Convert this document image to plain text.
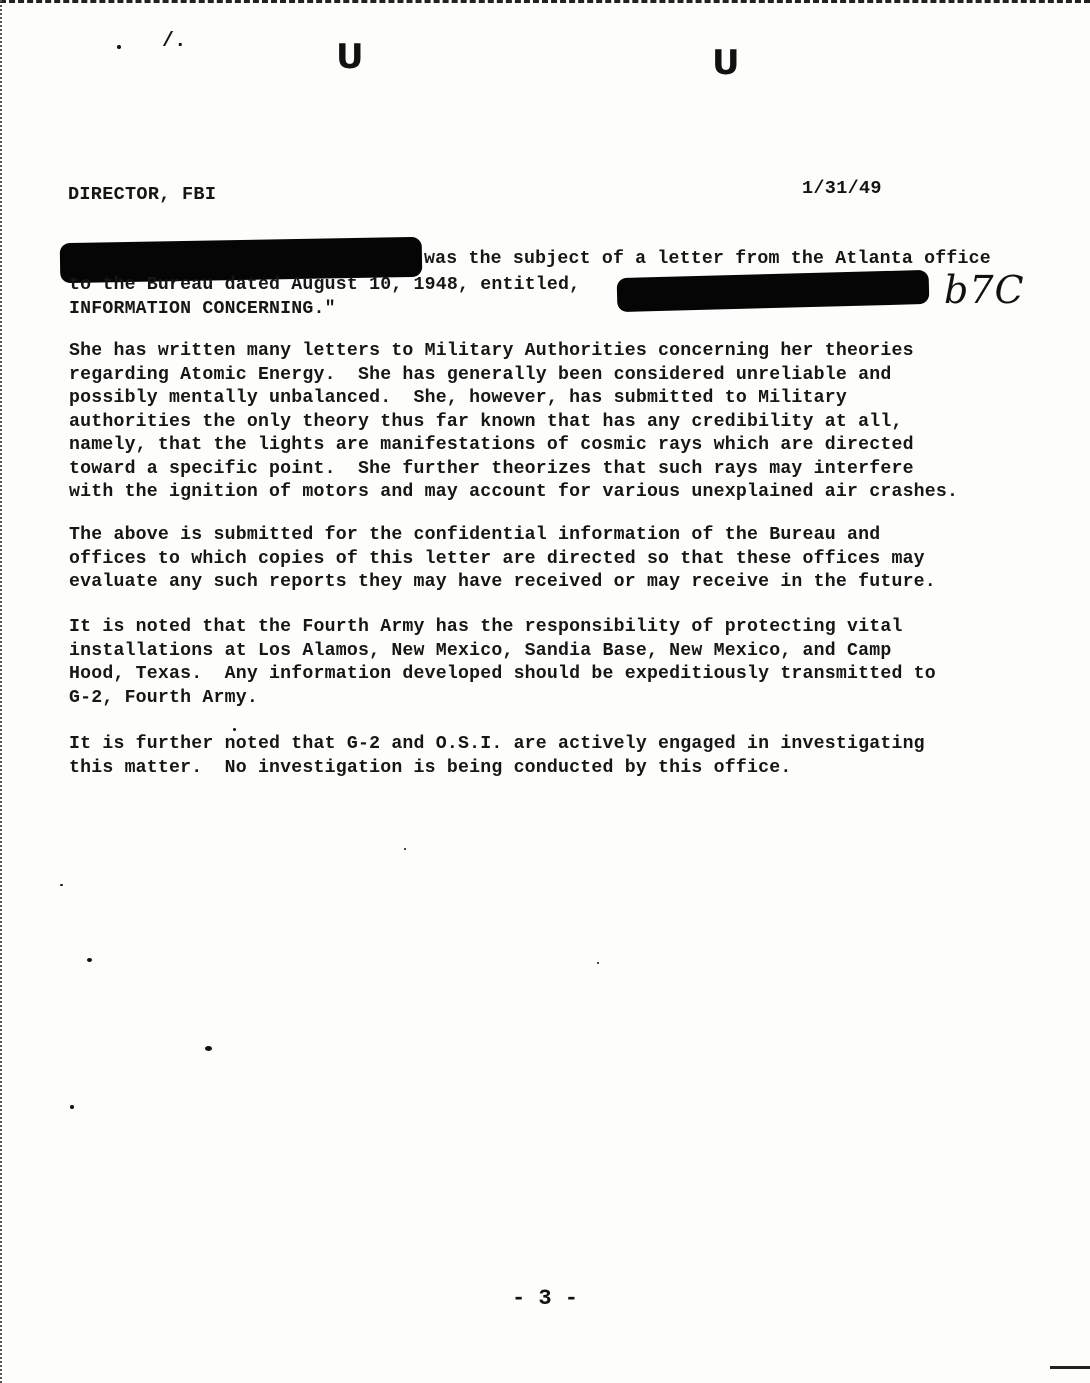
U	U
/.
DIRECTOR, FBI	1/31/49
b7C
was the subject of a letter from the Atlanta office
to the Bureau dated August 10, 1948, entitled,
INFORMATION CONCERNING."
She has written many letters to Military Authorities concerning her theories
regarding Atomic Energy.  She has generally been considered unreliable and
possibly mentally unbalanced.  She, however, has submitted to Military
authorities the only theory thus far known that has any credibility at all,
namely, that the lights are manifestations of cosmic rays which are directed
toward a specific point.  She further theorizes that such rays may interfere
with the ignition of motors and may account for various unexplained air crashes.
The above is submitted for the confidential information of the Bureau and
offices to which copies of this letter are directed so that these offices may
evaluate any such reports they may have received or may receive in the future.
It is noted that the Fourth Army has the responsibility of protecting vital
installations at Los Alamos, New Mexico, Sandia Base, New Mexico, and Camp
Hood, Texas.  Any information developed should be expeditiously transmitted to
G-2, Fourth Army.
It is further noted that G-2 and O.S.I. are actively engaged in investigating
this matter.  No investigation is being conducted by this office.
- 3 -
